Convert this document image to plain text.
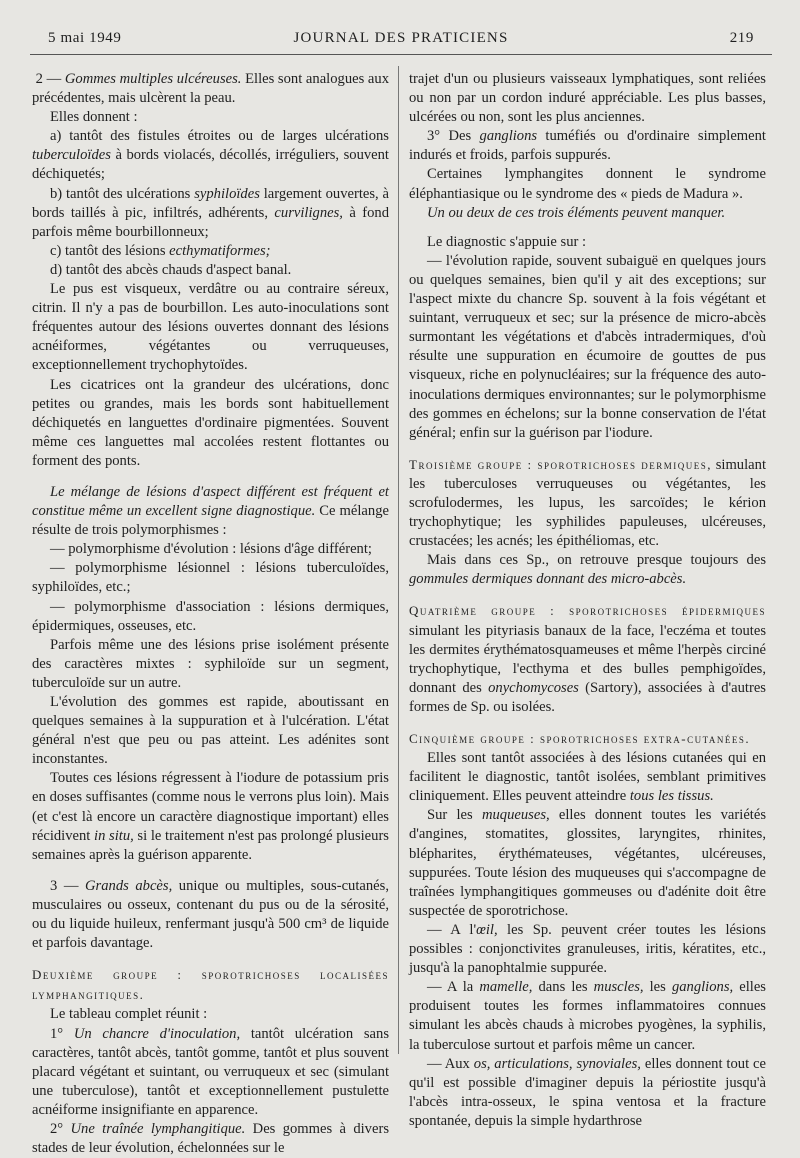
5 mai 1949	JOURNAL DES PRATICIENS	219

2 — Gommes multiples ulcéreuses. Elles sont analogues aux précédentes, mais ulcèrent la peau.

Elles donnent :

a) tantôt des fistules étroites ou de larges ulcérations tuberculoïdes à bords violacés, décollés, irréguliers, souvent déchiquetés;

b) tantôt des ulcérations syphiloïdes largement ouvertes, à bords taillés à pic, infiltrés, adhérents, curvilignes, à fond parfois même bourbillonneux;

c) tantôt des lésions ecthymatiformes;

d) tantôt des abcès chauds d'aspect banal.

Le pus est visqueux, verdâtre ou au contraire séreux, citrin. Il n'y a pas de bourbillon. Les auto-inoculations sont fréquentes autour des lésions ouvertes donnant des lésions acnéiformes, végétantes ou verruqueuses, exceptionnellement trychophytoïdes.

Les cicatrices ont la grandeur des ulcérations, donc petites ou grandes, mais les bords sont habituellement déchiquetés en languettes d'ordinaire pigmentées. Souvent même ces languettes mal accolées restent flottantes ou forment des ponts.

Le mélange de lésions d'aspect différent est fréquent et constitue même un excellent signe diagnostique. Ce mélange résulte de trois polymorphismes :

— polymorphisme d'évolution : lésions d'âge différent;

— polymorphisme lésionnel : lésions tuberculoïdes, syphiloïdes, etc.;

— polymorphisme d'association : lésions dermiques, épidermiques, osseuses, etc.

Parfois même une des lésions prise isolément présente des caractères mixtes : syphiloïde sur un segment, tuberculoïde sur un autre.

L'évolution des gommes est rapide, aboutissant en quelques semaines à la suppuration et à l'ulcération. L'état général n'est que peu ou pas atteint. Les adénites sont inconstantes.

Toutes ces lésions régressent à l'iodure de potassium pris en doses suffisantes (comme nous le verrons plus loin). Mais (et c'est là encore un caractère diagnostique important) elles récidivent in situ, si le traitement n'est pas prolongé plusieurs semaines après la guérison apparente.

3 — Grands abcès, unique ou multiples, sous-cutanés, musculaires ou osseux, contenant du pus ou de la sérosité, ou du liquide huileux, renfermant jusqu'à 500 cm³ de liquide et parfois davantage.

Deuxième groupe : sporotrichoses localisées lymphangitiques.

Le tableau complet réunit :

1° Un chancre d'inoculation, tantôt ulcération sans caractères, tantôt abcès, tantôt gomme, tantôt et plus souvent placard végétant et suintant, ou verruqueux et sec (simulant une tuberculose), tantôt et exceptionnellement pustulette acnéiforme insignifiante en apparence.

2° Une traînée lymphangitique. Des gommes à divers stades de leur évolution, échelonnées sur le

trajet d'un ou plusieurs vaisseaux lymphatiques, sont reliées ou non par un cordon induré appréciable. Les plus basses, ulcérées ou non, sont les plus anciennes.

3° Des ganglions tuméfiés ou d'ordinaire simplement indurés et froids, parfois suppurés.

Certaines lymphangites donnent le syndrome éléphantiasique ou le syndrome des « pieds de Madura ».

Un ou deux de ces trois éléments peuvent manquer.

Le diagnostic s'appuie sur :

— l'évolution rapide, souvent subaiguë en quelques jours ou quelques semaines, bien qu'il y ait des exceptions; sur l'aspect mixte du chancre Sp. souvent à la fois végétant et suintant, verruqueux et sec; sur la présence de micro-abcès surmontant les végétations et d'abcès intradermiques, d'où résulte une suppuration en écumoire de gouttes de pus visqueux, riche en polynucléaires; sur la fréquence des auto-inoculations dermiques environnantes; sur le polymorphisme des gommes en échelons; sur la bonne conservation de l'état général; enfin sur la guérison par l'iodure.

Troisième groupe : sporotrichoses dermiques, simulant les tuberculoses verruqueuses ou végétantes, les scrofulodermes, les lupus, les sarcoïdes; le kérion trychophytique; les syphilides papuleuses, ulcéreuses, crustacées; les acnés; les épithéliomas, etc.

Mais dans ces Sp., on retrouve presque toujours des gommules dermiques donnant des micro-abcès.

Quatrième groupe : sporotrichoses épidermiques simulant les pityriasis banaux de la face, l'eczéma et toutes les dermites érythématosquameuses et même l'herpès circiné trychophytique, l'ecthyma et des bulles pemphigoïdes, donnant des onychomycoses (Sartory), associées à d'autres formes de Sp. ou isolées.

Cinquième groupe : sporotrichoses extra-cutanées.

Elles sont tantôt associées à des lésions cutanées qui en facilitent le diagnostic, tantôt isolées, semblant primitives cliniquement. Elles peuvent atteindre tous les tissus.

Sur les muqueuses, elles donnent toutes les variétés d'angines, stomatites, glossites, laryngites, rhinites, blépharites, érythémateuses, végétantes, ulcéreuses, suppurées. Toute lésion des muqueuses qui s'accompagne de traînées lymphangitiques gommeuses ou d'adénite doit être suspectée de sporotrichose.

— A l'œil, les Sp. peuvent créer toutes les lésions possibles : conjonctivites granuleuses, iritis, kératites, etc., jusqu'à la panophtalmie suppurée.

— A la mamelle, dans les muscles, les ganglions, elles produisent toutes les formes inflammatoires connues simulant les abcès chauds à microbes pyogènes, la syphilis, la tuberculose surtout et parfois même un cancer.

— Aux os, articulations, synoviales, elles donnent tout ce qu'il est possible d'imaginer depuis la périostite jusqu'à l'abcès intra-osseux, le spina ventosa et la fracture spontanée, depuis la simple hydarthrose
